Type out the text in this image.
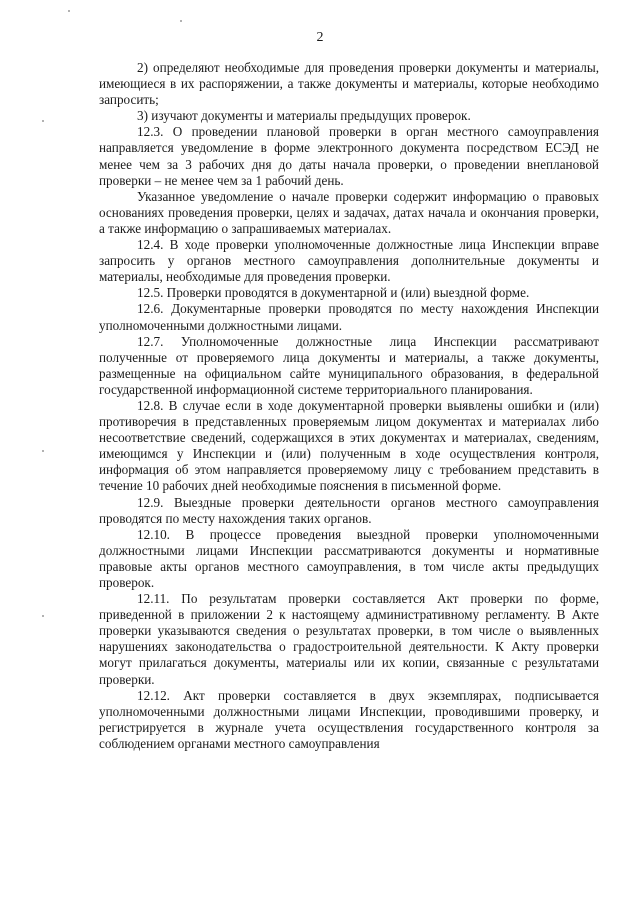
2

2) определяют необходимые для проведения проверки документы и материалы, имеющиеся в их распоряжении, а также документы и материалы, которые необходимо запросить;

3) изучают документы и материалы предыдущих проверок.

12.3. О проведении плановой проверки в орган местного самоуправления направляется уведомление в форме электронного документа посредством ЕСЭД не менее чем за 3 рабочих дня до даты начала проверки, о проведении внеплановой проверки – не менее чем за 1 рабочий день.

Указанное уведомление о начале проверки содержит информацию о правовых основаниях проведения проверки, целях и задачах, датах начала и окончания проверки, а также информацию о запрашиваемых материалах.

12.4. В ходе проверки уполномоченные должностные лица Инспекции вправе запросить у органов местного самоуправления дополнительные документы и материалы, необходимые для проведения проверки.

12.5. Проверки проводятся в документарной и (или) выездной форме.

12.6. Документарные проверки проводятся по месту нахождения Инспекции уполномоченными должностными лицами.

12.7. Уполномоченные должностные лица Инспекции рассматривают полученные от проверяемого лица документы и материалы, а также документы, размещенные на официальном сайте муниципального образования, в федеральной государственной информационной системе территориального планирования.

12.8. В случае если в ходе документарной проверки выявлены ошибки и (или) противоречия в представленных проверяемым лицом документах и материалах либо несоответствие сведений, содержащихся в этих документах и материалах, сведениям, имеющимся у Инспекции и (или) полученным в ходе осуществления контроля, информация об этом направляется проверяемому лицу с требованием представить в течение 10 рабочих дней необходимые пояснения в письменной форме.

12.9. Выездные проверки деятельности органов местного самоуправления проводятся по месту нахождения таких органов.

12.10. В процессе проведения выездной проверки уполномоченными должностными лицами Инспекции рассматриваются документы и нормативные правовые акты органов местного самоуправления, в том числе акты предыдущих проверок.

12.11. По результатам проверки составляется Акт проверки по форме, приведенной в приложении 2 к настоящему административному регламенту. В Акте проверки указываются сведения о результатах проверки, в том числе о выявленных нарушениях законодательства о градостроительной деятельности. К Акту проверки могут прилагаться документы, материалы или их копии, связанные с результатами проверки.

12.12. Акт проверки составляется в двух экземплярах, подписывается уполномоченными должностными лицами Инспекции, проводившими проверку, и регистрируется в журнале учета осуществления государственного контроля за соблюдением органами местного самоуправления
